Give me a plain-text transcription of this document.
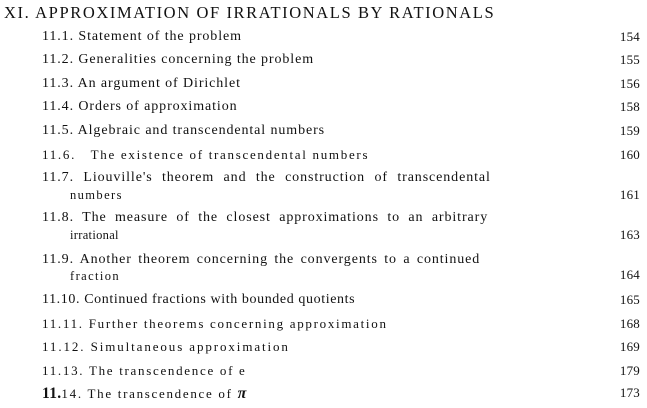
XI. APPROXIMATION OF IRRATIONALS BY RATIONALS
11.1. Statement of the problem	154
11.2. Generalities concerning the problem	155
11.3. An argument of Dirichlet	156
11.4. Orders of approximation	158
11.5. Algebraic and transcendental numbers	159
11.6. The existence of transcendental numbers	160
11.7. Liouville's theorem and the construction of transcendental
numbers	161
11.8. The measure of the closest approximations to an arbitrary
irrational	163
11.9. Another theorem concerning the convergents to a continued
fraction	164
11.10. Continued fractions with bounded quotients	165
11.11. Further theorems concerning approximation	168
11.12. Simultaneous approximation	169
11.13. The transcendence of e	179
11.14. The transcendence of π	173
